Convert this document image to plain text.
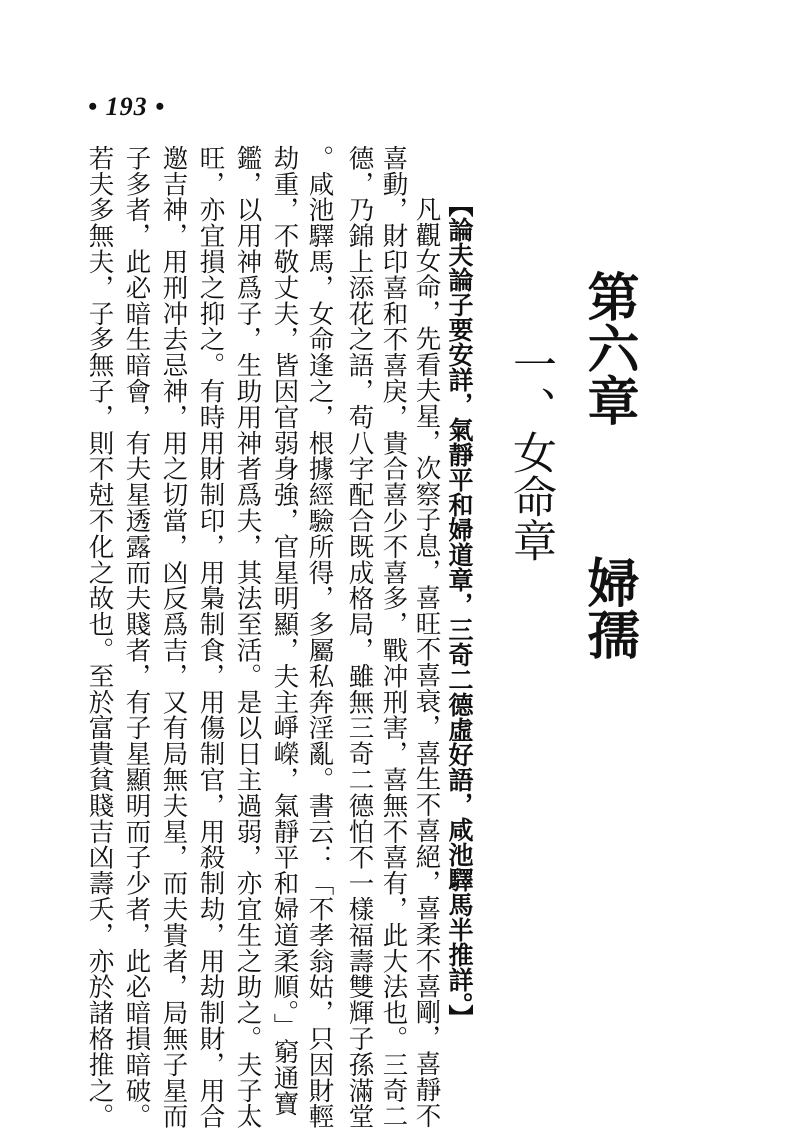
• 193 •
第六章婦孺
一、女命章
【論夫論子要安詳，氣靜平和婦道章，三奇二德虛好語，咸池驛馬半推詳。】
凡觀女命，先看夫星，次察子息，喜旺不喜衰，喜生不喜絕，喜柔不喜剛，喜靜不
喜動，財印喜和不喜戾，貴合喜少不喜多，戰冲刑害，喜無不喜有，此大法也。三奇二
德，乃錦上添花之語，苟八字配合既成格局，雖無三奇二德怕不一樣福壽雙輝子孫滿堂
。咸池驛馬，女命逢之，根據經驗所得，多屬私奔淫亂。書云：「不孝翁姑，只因財輕
劫重，不敬丈夫，皆因官弱身強，官星明顯，夫主崢嶸，氣靜平和婦道柔順。」窮通寶
鑑，以用神爲子，生助用神者爲夫，其法至活。是以日主過弱，亦宜生之助之。夫子太
旺，亦宜損之抑之。有時用財制印，用梟制食，用傷制官，用殺制劫，用劫制財，用合
邀吉神，用刑冲去忌神，用之切當，凶反爲吉，又有局無夫星，而夫貴者，局無子星而
子多者，此必暗生暗會，有夫星透露而夫賤者，有子星顯明而子少者，此必暗損暗破。
若夫多無夫，子多無子，則不尅不化之故也。至於富貴貧賤吉凶壽夭，亦於諸格推之。
